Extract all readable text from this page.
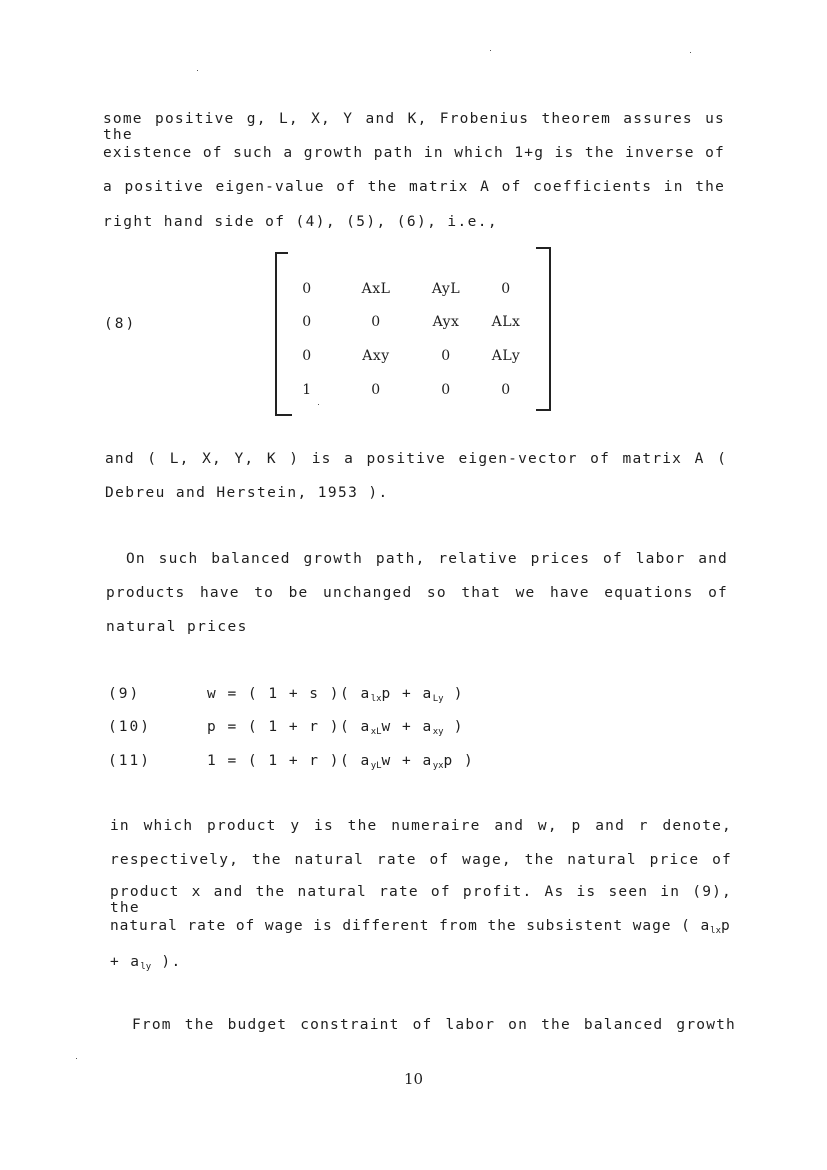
some positive g, L, X, Y and K, Frobenius theorem assures us the
existence of such a growth path in which 1+g is the inverse of
a positive eigen-value of the matrix A of coefficients in the
right hand side of (4), (5), (6), i.e.,
(8)
0	AxL	AyL	0
0	0	Ayx	ALx
0	Axy	0	ALy
1	0	0	0
and ( L, X, Y, K ) is a positive eigen-vector of matrix A (
Debreu and Herstein, 1953 ).
On such balanced growth path, relative prices of labor and
products have to be unchanged so that we have equations of
natural prices
(9)	w = ( 1 + s )( $a_{lx}p + a_{Ly}$ )
(10)	p = ( 1 + r )( $a_{xL}w + a_{xy}$ )
(11)	1 = ( 1 + r )( $a_{yL}w + a_{yx}p$ )
in which product y is the numeraire and w, p and r denote,
respectively, the natural rate of wage, the natural price of
product x and the natural rate of profit. As is seen in (9), the
natural rate of wage is different from the subsistent wage ( $a_{lx}p$
+ $a_{ly}$ ).
From the budget constraint of labor on the balanced growth
10
